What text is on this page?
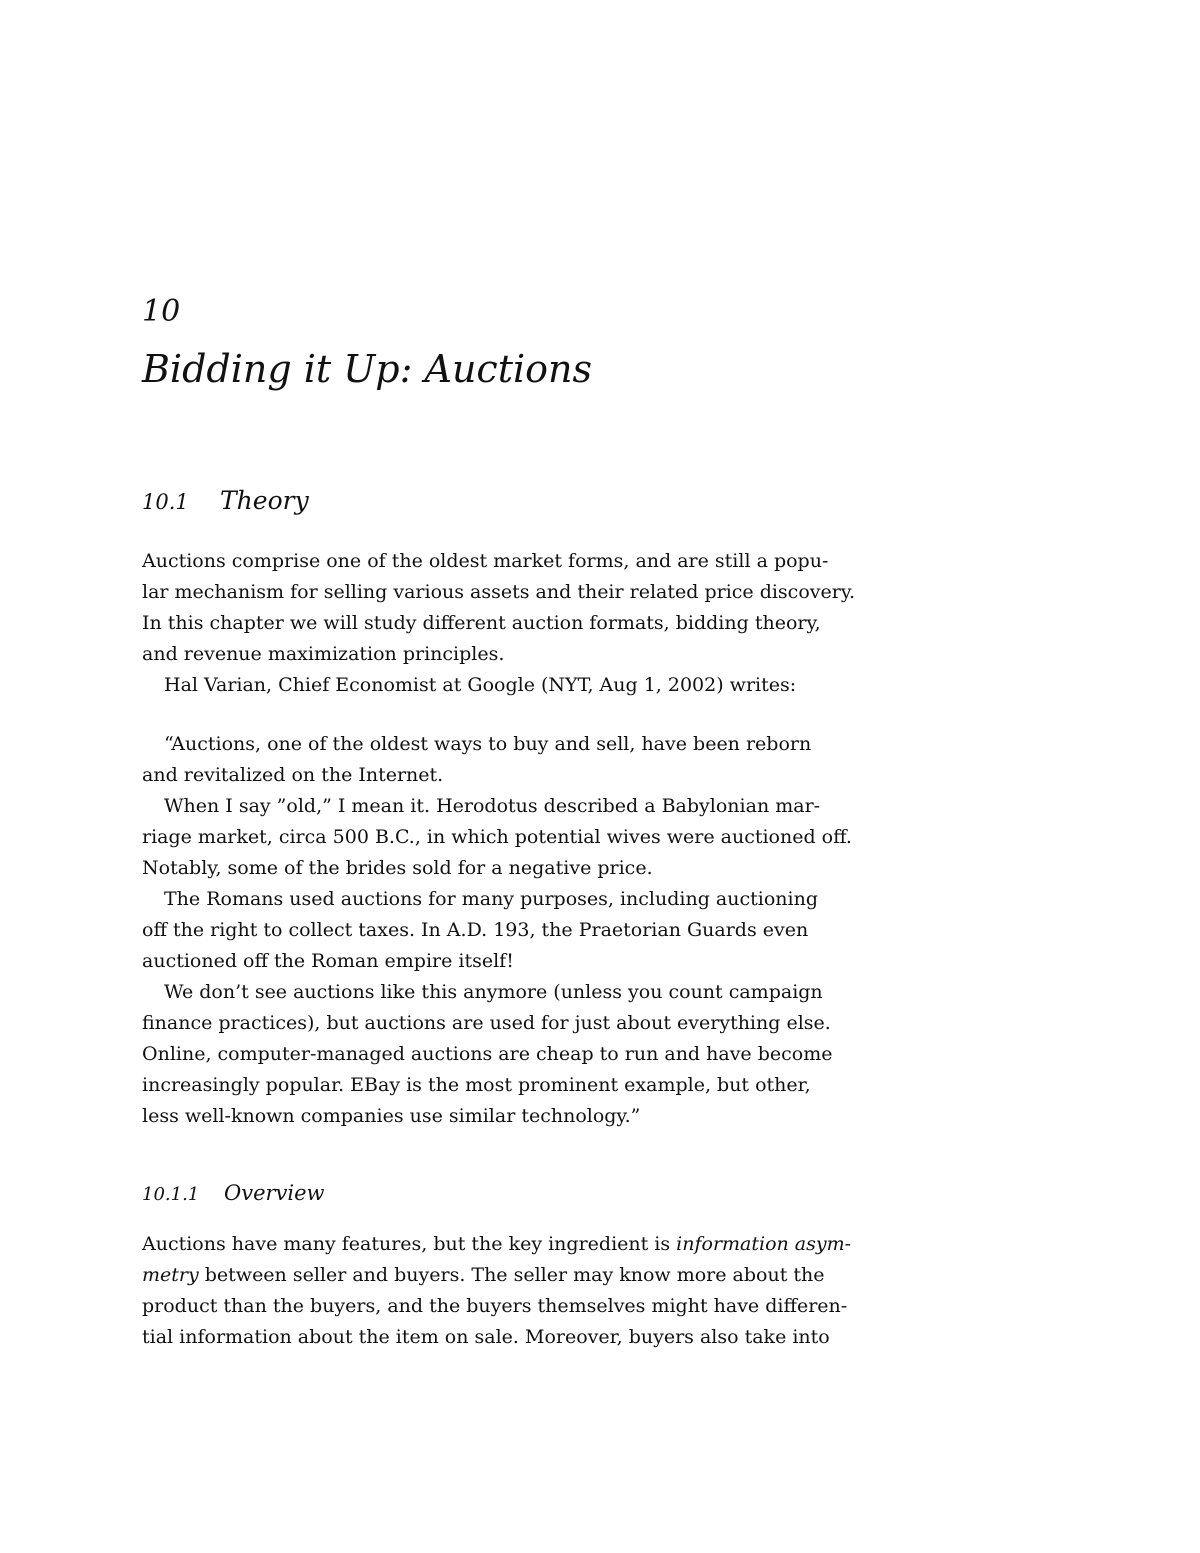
10
Bidding it Up: Auctions
10.1 Theory
Auctions comprise one of the oldest market forms, and are still a popu-
lar mechanism for selling various assets and their related price discovery.
In this chapter we will study different auction formats, bidding theory,
and revenue maximization principles.
Hal Varian, Chief Economist at Google (NYT, Aug 1, 2002) writes:
“Auctions, one of the oldest ways to buy and sell, have been reborn
and revitalized on the Internet.
When I say ”old,” I mean it. Herodotus described a Babylonian mar-
riage market, circa 500 B.C., in which potential wives were auctioned off.
Notably, some of the brides sold for a negative price.
The Romans used auctions for many purposes, including auctioning
off the right to collect taxes. In A.D. 193, the Praetorian Guards even
auctioned off the Roman empire itself!
We don’t see auctions like this anymore (unless you count campaign
finance practices), but auctions are used for just about everything else.
Online, computer-managed auctions are cheap to run and have become
increasingly popular. EBay is the most prominent example, but other,
less well-known companies use similar technology.”
10.1.1 Overview
Auctions have many features, but the key ingredient is information asym-
metry between seller and buyers. The seller may know more about the
product than the buyers, and the buyers themselves might have differen-
tial information about the item on sale. Moreover, buyers also take into
